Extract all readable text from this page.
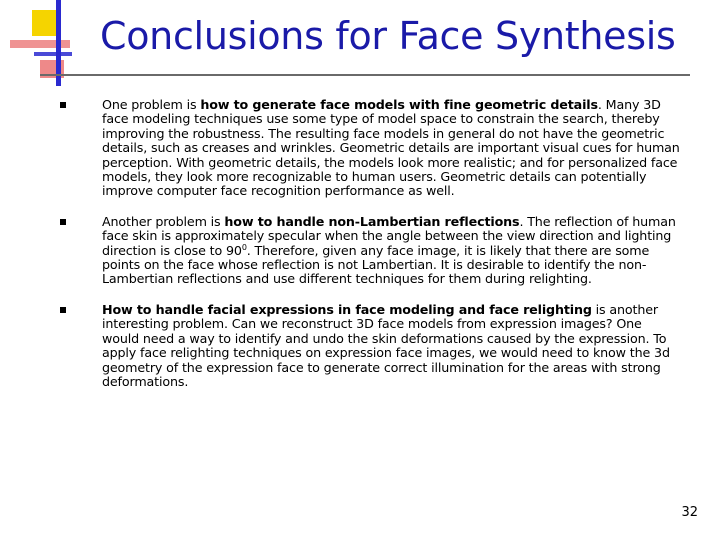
Conclusions for Face Synthesis
One problem is how to generate face models with fine geometric details. Many 3D face modeling techniques use some type of model space to constrain the search, thereby improving the robustness. The resulting face models in general do not have the geometric details, such as creases and wrinkles. Geometric details are important visual cues for human perception. With geometric details, the models look more realistic; and for personalized face models, they look more recognizable to human users. Geometric details can potentially improve computer face recognition performance as well.
Another problem is how to handle non-Lambertian reflections. The reflection of human face skin is approximately specular when the angle between the view direction and lighting direction is close to $90^0$. Therefore, given any face image, it is likely that there are some points on the face whose reflection is not Lambertian. It is desirable to identify the non-Lambertian reflections and use different techniques for them during relighting.
How to handle facial expressions in face modeling and face relighting is another interesting problem. Can we reconstruct 3D face models from expression images? One would need a way to identify and undo the skin deformations caused by the expression. To apply face relighting techniques on expression face images, we would need to know the 3d geometry of the expression face to generate correct illumination for the areas with strong deformations.
32
